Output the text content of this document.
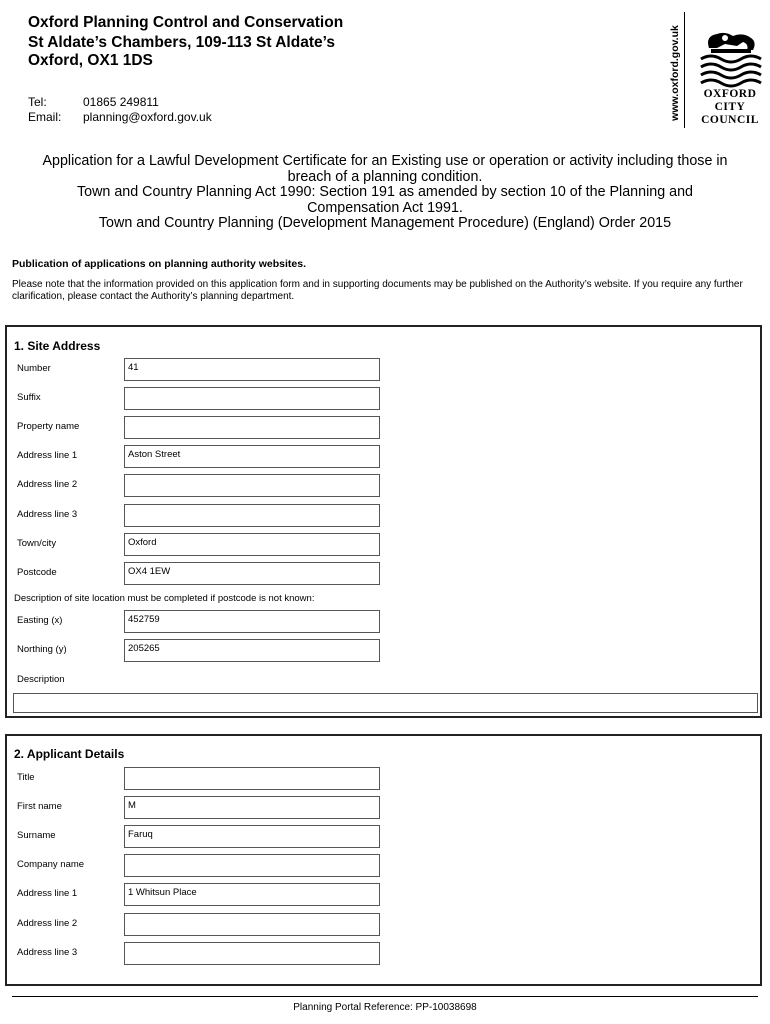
Oxford Planning Control and Conservation
St Aldate’s Chambers, 109-113 St Aldate’s
Oxford, OX1 1DS
Tel:	01865 249811
Email: planning@oxford.gov.uk	www.oxford.gov.uk	OXFORD
CITY
COUNCIL
Application for a Lawful Development Certificate for an Existing use or operation or activity including those in
breach of a planning condition.
Town and Country Planning Act 1990: Section 191 as amended by section 10 of the Planning and
Compensation Act 1991.
Town and Country Planning (Development Management Procedure) (England) Order 2015
Publication of applications on planning authority websites.
Please note that the information provided on this application form and in supporting documents may be published on the Authority’s website. If you require any further clarification, please contact the Authority’s planning department.
1. Site Address
Number	41
Suffix
Property name
Address line 1	Aston Street
Address line 2
Address line 3
Town/city	Oxford
Postcode	OX4 1EW
Description of site location must be completed if postcode is not known:
Easting (x)	452759
Northing (y)	205265
Description
2. Applicant Details
Title
First name	M
Surname	Faruq
Company name
Address line 1	1 Whitsun Place
Address line 2
Address line 3
Planning Portal Reference: PP-10038698
